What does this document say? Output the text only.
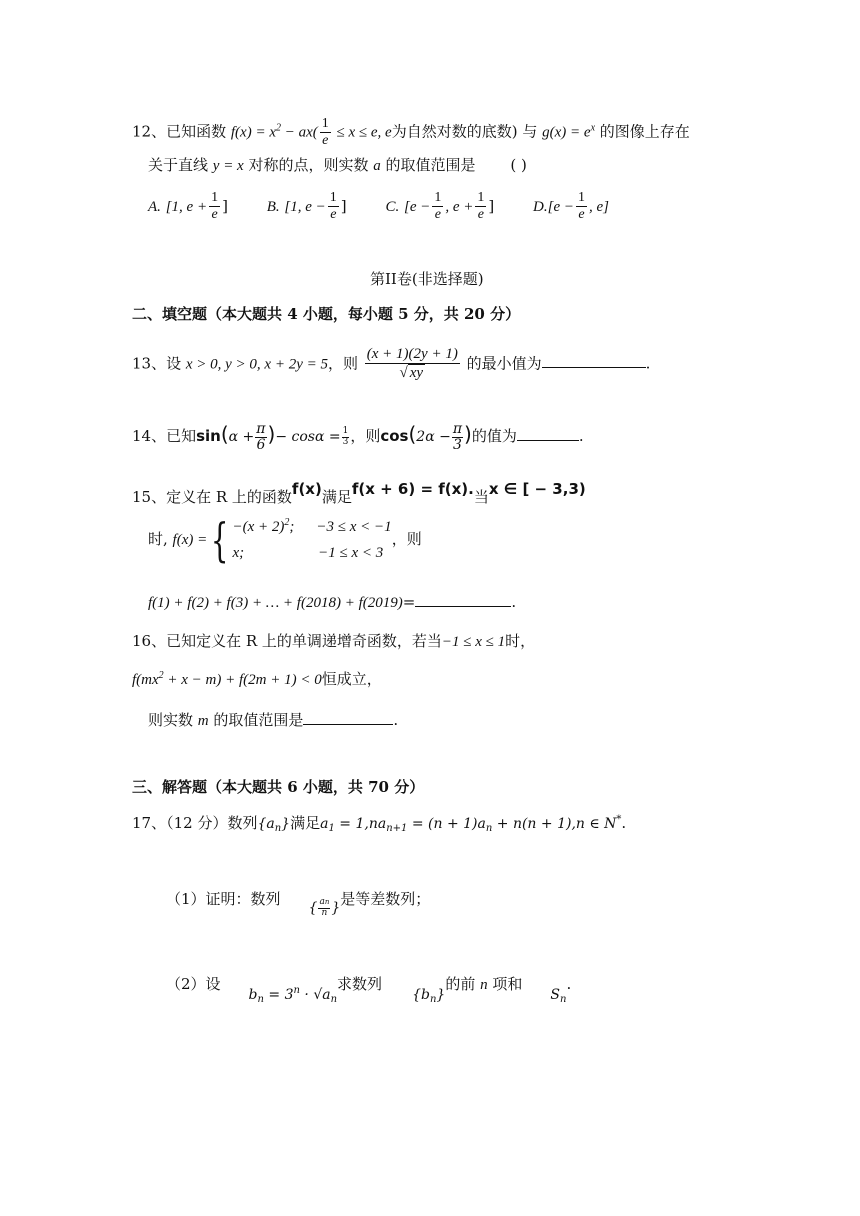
12、已知函数 $f(x) = x^2 - ax( \frac{1}{e} \le x \le e$, e为自然对数的底数) 与 $g(x) = e^x$ 的图像上存在
关于直线 y = x 对称的点，则实数 a 的取值范围是 ( )
A. [1, $e + \frac{1}{e}$ ]	B. [1, $e - \frac{1}{e}$ ]	C. [$e - \frac{1}{e}$ , $e + \frac{1}{e}$ ]	$D.[e - \frac{1}{e}$ , e]
第II卷(非选择题)
二、填空题（本大题共 4 小题，每小题 5 分，共 20 分）
13、设 x > 0, y > 0, x + 2y = 5，则 $\frac{(x + 1)(2y + 1)}{√ xy}$ 的最小值为	.
14、已知$\sin(\alpha + \frac{\pi}{6}$ )− $\cos\alpha = \frac{1}{3}$ ，则$\cos(2\alpha - \frac{\pi}{3}$ )的值为	.
15、定义在 R 上的函数f(x)满足f(x + 6) = f(x).当x ∈ [ − 3,3)
时, f(x) ={ $-(x + 2)^2$; −3 ≤ x < −1
x;	−1 ≤ x < 3，则
f(1) + f(2) + f(3) + … + f(2018) + f(2019)=	.
16、已知定义在 R 上的单调递增奇函数，若当−1 ≤ x ≤ 1时，
$f(mx^2 + x - m) + f(2m + 1) < 0$恒成立，
则实数 m 的取值范围是	.
三、解答题（本大题共 6 小题，共 70 分）
17、（12 分）数列$\{a_n\}$满足$a_1 = 1,na_{n+1} = (n + 1)a_n + n(n + 1),n$ ∈ N*.
（1）证明：数列 { $\frac{an}{n}$ }是等差数列；
（2）设$b_n = 3^n \cdot √a_n$求数列$\{b_n\}$的前 n 项和$S_n$.
